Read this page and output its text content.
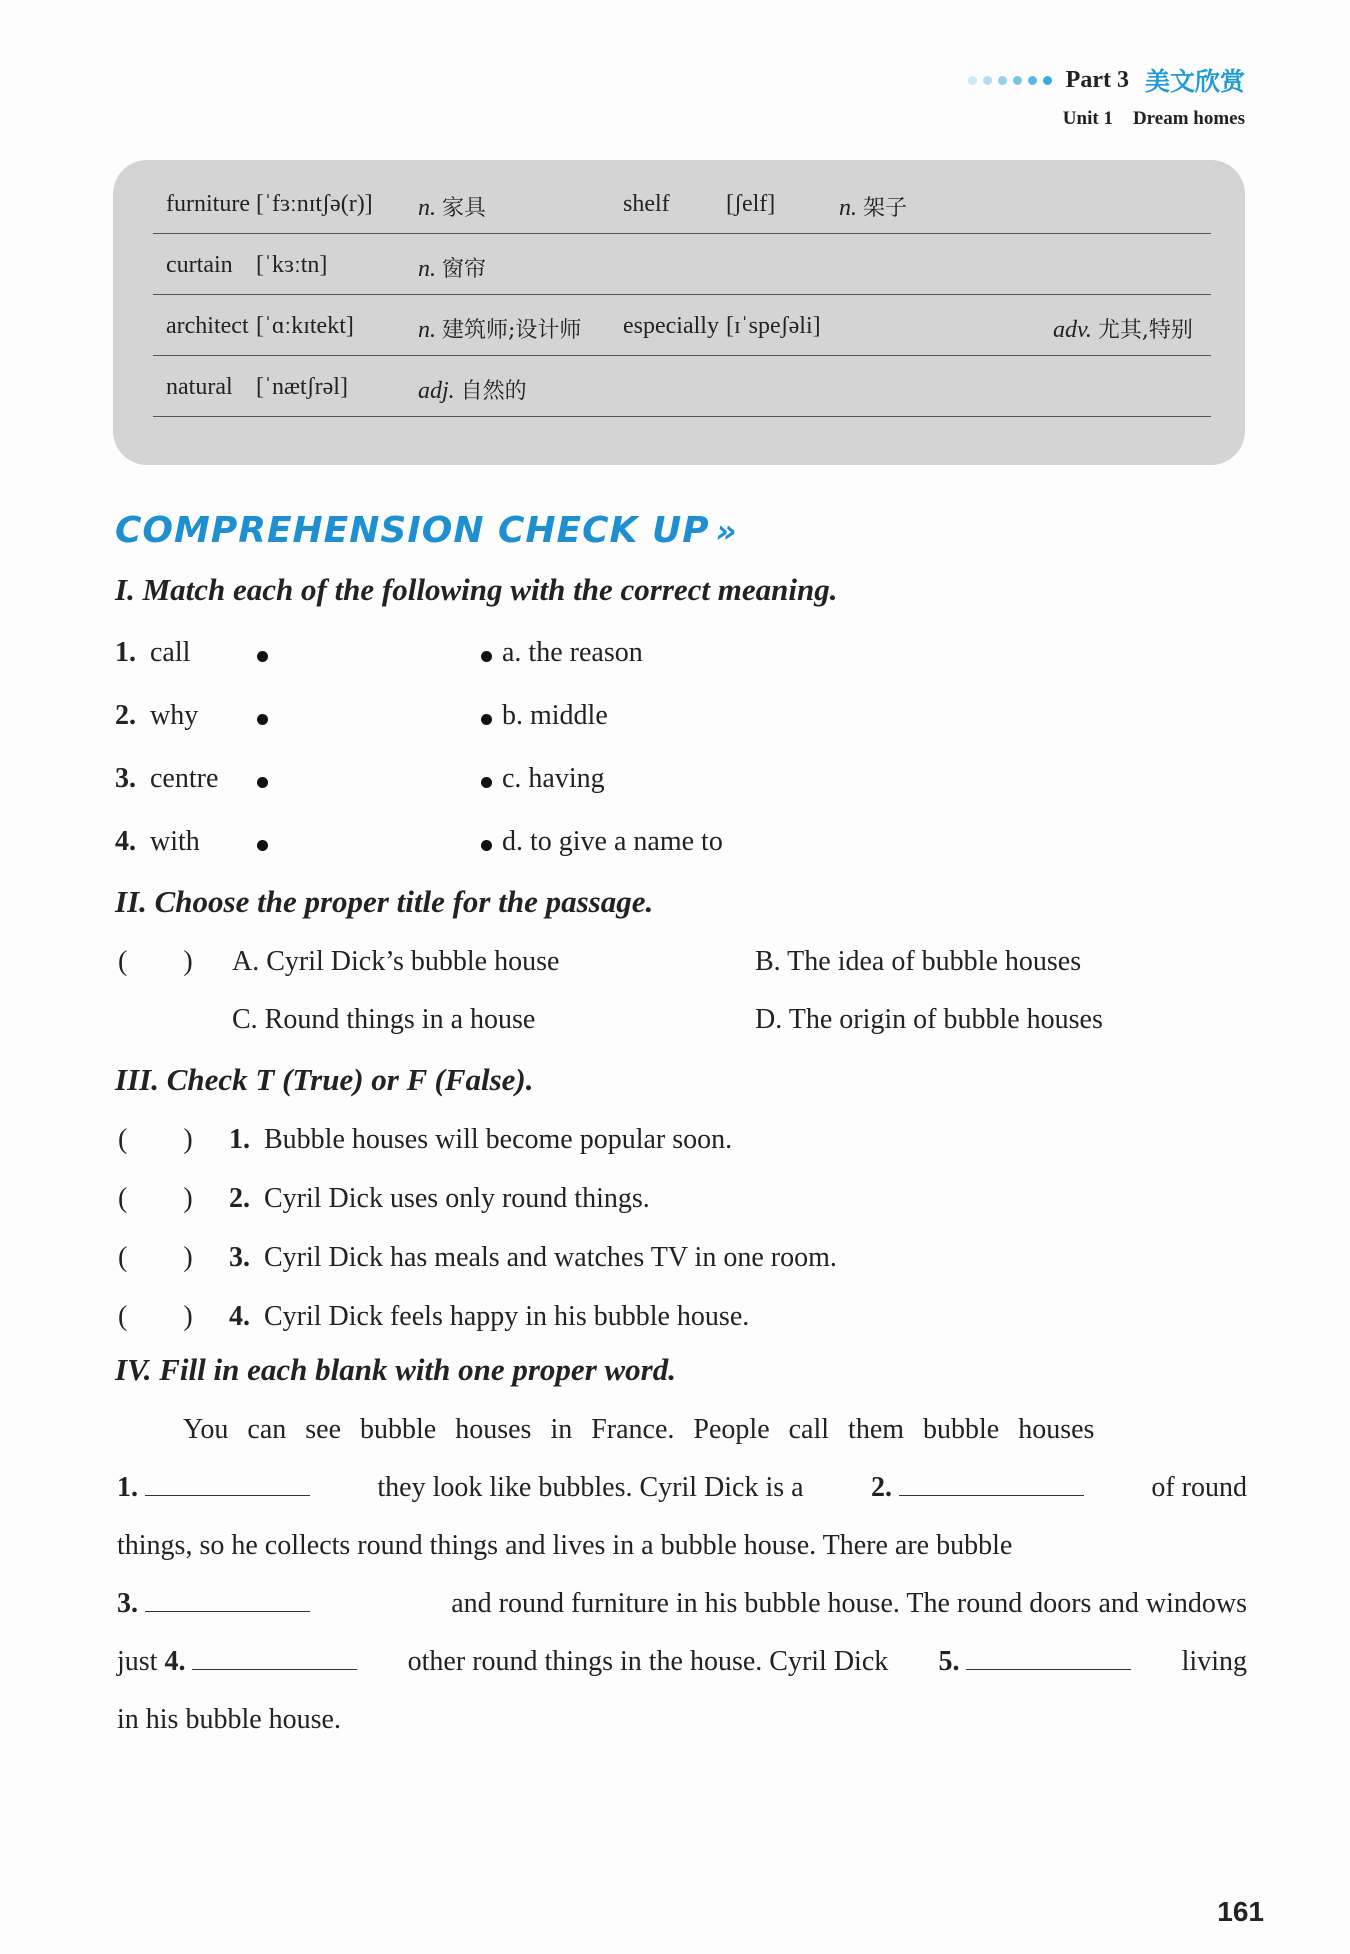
Part 3 美文欣赏
Unit 1 Dream homes
furniture [ˈfɜːnɪtʃə(r)] n. 家具	shelf [ʃelf]	n. 架子
curtain [ˈkɜːtn]	n. 窗帘
architect [ˈɑːkɪtekt]	n. 建筑师;设计师 especially [ɪˈspeʃəli]	adv. 尤其,特别
natural [ˈnætʃrəl]	adj. 自然的
COMPREHENSION CHECK UP »
I. Match each of the following with the correct meaning.
1. call	a. the reason
2. why	b. middle
3. centre	c. having
4. with	d. to give a name to
II. Choose the proper title for the passage.
(        ) A. Cyril Dick’s bubble house	B. The idea of bubble houses
C. Round things in a house	D. The origin of bubble houses
III. Check T (True) or F (False).
(        ) 1. Bubble houses will become popular soon.
(        ) 2. Cyril Dick uses only round things.
(        ) 3. Cyril Dick has meals and watches TV in one room.
(        ) 4. Cyril Dick feels happy in his bubble house.
IV. Fill in each blank with one proper word.
You can see bubble houses in France. People call them bubble houses
1.	they look like bubbles. Cyril Dick is a 2.	of round
things, so he collects round things and lives in a bubble house. There are bubble
3.	and round furniture in his bubble house. The round doors and windows
just 4.	other round things in the house. Cyril Dick 5.	living
in his bubble house.
161
